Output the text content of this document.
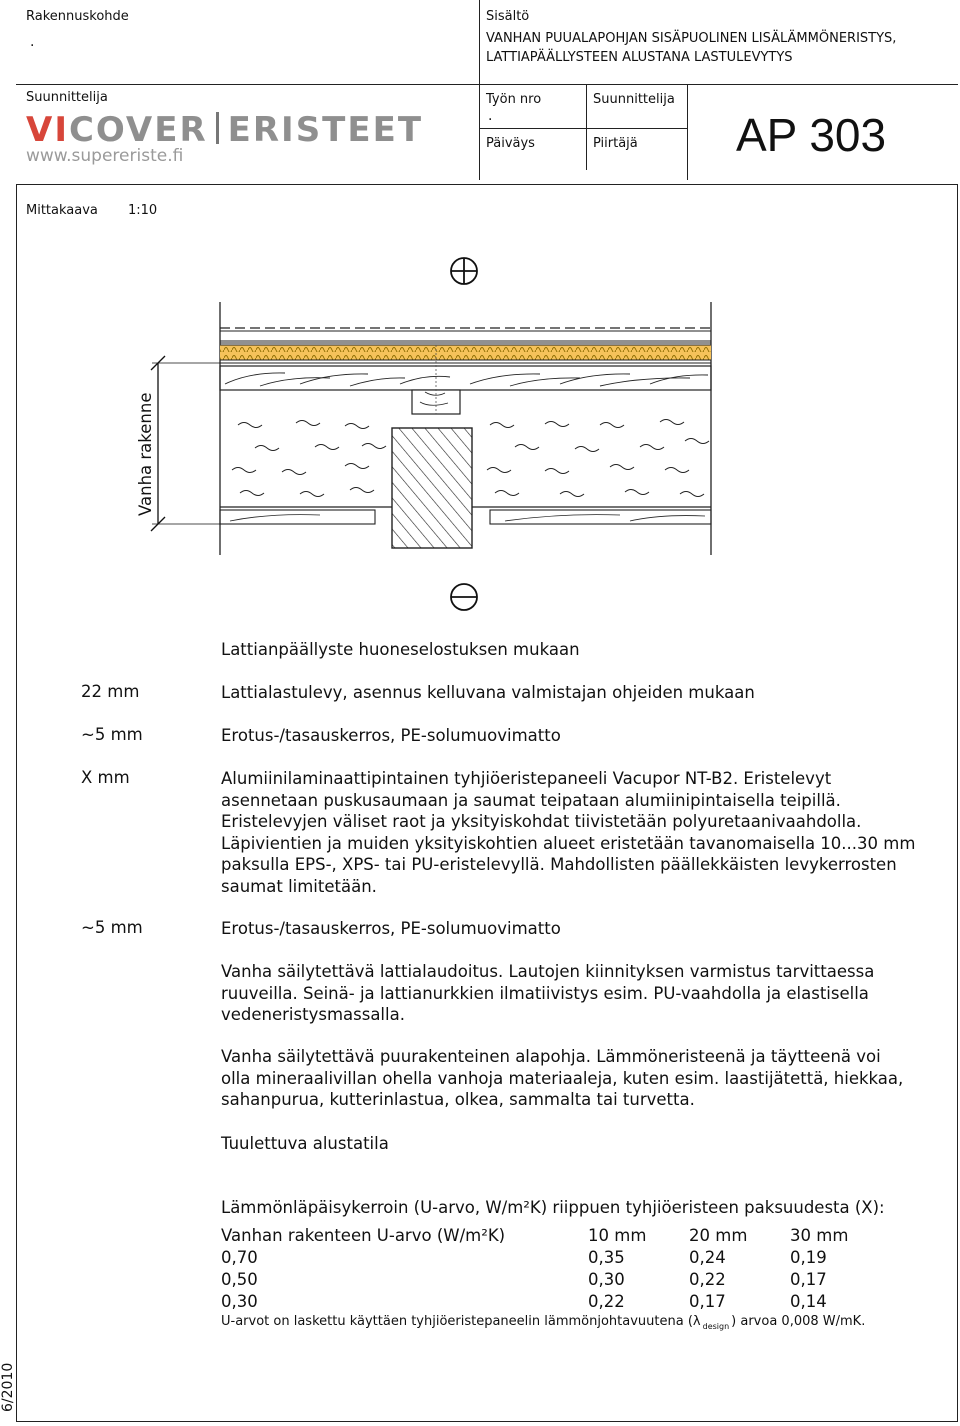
Rakennuskohde
.
Sisältö
VANHAN PUUALAPOHJAN SISÄPUOLINEN LISÄLÄMMÖNERISTYS,
LATTIAPÄÄLLYSTEEN ALUSTANA LASTULEVYTYS
Suunnittelija
VICOVER ERISTEET
www.supereriste.fi
Työn nro
.
Suunnittelija
Päiväys	Piirtäjä AP 303
Mittakaava 1:10
Vanha rakenne
Lattianpäällyste huoneselostuksen mukaan
22 mm	Lattialastulevy, asennus kelluvana valmistajan ohjeiden mukaan
~5 mm	Erotus-/tasauskerros, PE-solumuovimatto
X mm	Alumiinilaminaattipintainen tyhjiöeristepaneeli Vacupor NT-B2. Eristelevyt
asennetaan puskusaumaan ja saumat teipataan alumiinipintaisella teipillä.
Eristelevyjen väliset raot ja yksityiskohdat tiivistetään polyuretaanivaahdolla.
Läpivientien ja muiden yksityiskohtien alueet eristetään tavanomaisella 10...30 mm
paksulla EPS-, XPS- tai PU-eristelevyllä. Mahdollisten päällekkäisten levykerrosten
saumat limitetään.
~5 mm	Erotus-/tasauskerros, PE-solumuovimatto
Vanha säilytettävä lattialaudoitus. Lautojen kiinnityksen varmistus tarvittaessa
ruuveilla. Seinä- ja lattianurkkien ilmatiivistys esim. PU-vaahdolla ja elastisella
vedeneristysmassalla.
Vanha säilytettävä puurakenteinen alapohja. Lämmöneristeenä ja täytteenä voi
olla mineraalivillan ohella vanhoja materiaaleja, kuten esim. laastijätettä, hiekkaa,
sahanpurua, kutterinlastua, olkea, sammalta tai turvetta.
Tuulettuva alustatila
Lämmönläpäisykerroin (U-arvo, W/m²K) riippuen tyhjiöeristeen paksuudesta (X):
Vanhan rakenteen U-arvo (W/m²K)	10 mm	20 mm	30 mm
0,70	0,35	0,24	0,19
0,50	0,30	0,22	0,17
0,30	0,22	0,17	0,14
U-arvot on laskettu käyttäen tyhjiöeristepaneelin lämmönjohtavuutena (λ $_{design}$ ) arvoa 0,008 W/mK.
6/2010
